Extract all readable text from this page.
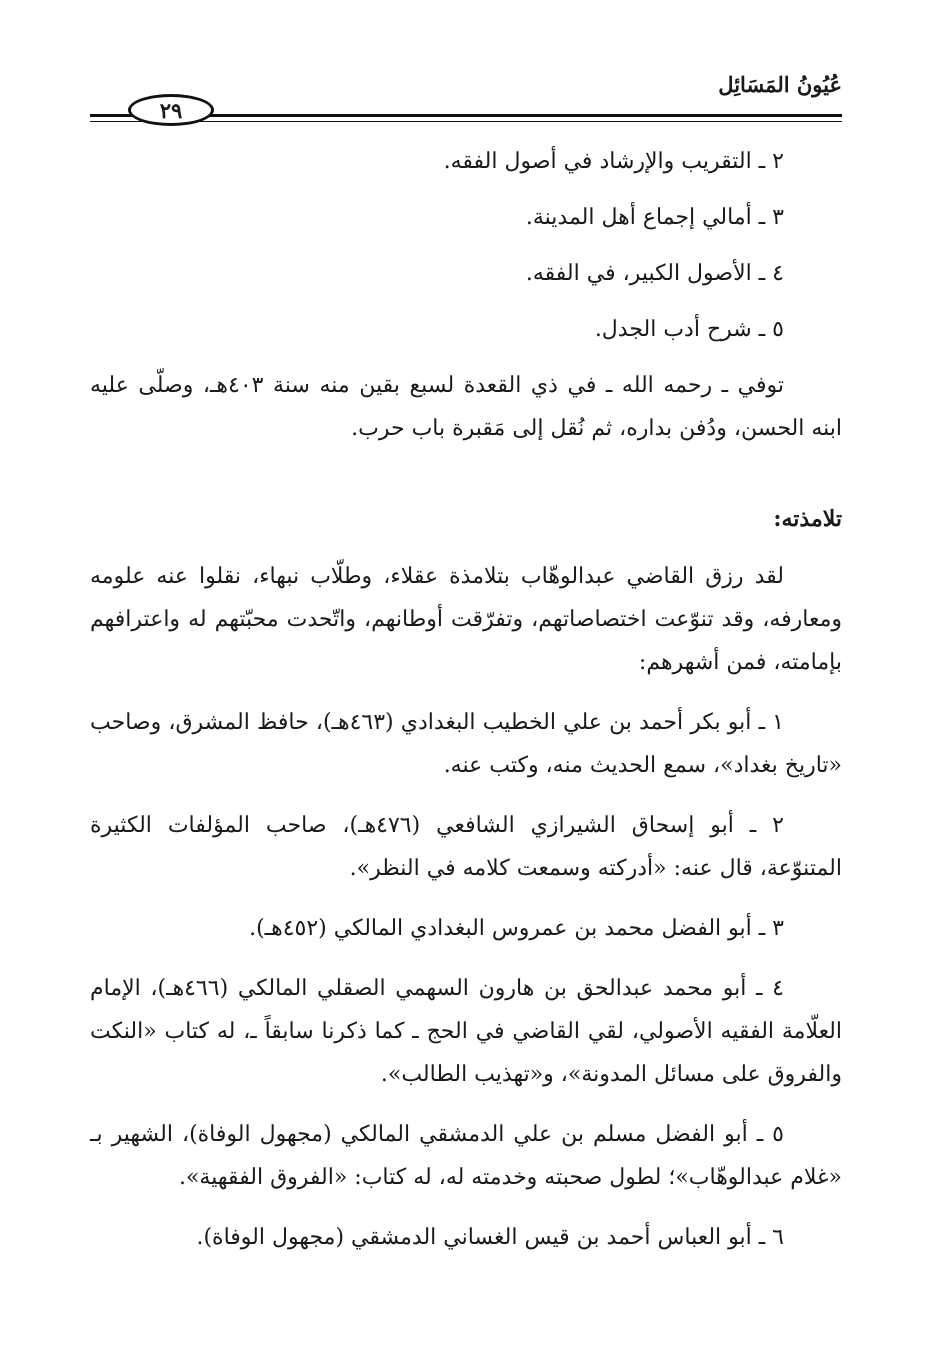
عُيُونُ المَسَائِل
٢٩

٢ ـ التقريب والإرشاد في أصول الفقه.

٣ ـ أمالي إجماع أهل المدينة.

٤ ـ الأصول الكبير، في الفقه.

٥ ـ شرح أدب الجدل.

توفي ـ رحمه الله ـ في ذي القعدة لسبع بقين منه سنة ٤٠٣هـ، وصلّى عليه ابنه الحسن، ودُفن بداره، ثم نُقل إلى مَقبرة باب حرب.

تلامذته:

لقد رزق القاضي عبدالوهّاب بتلامذة عقلاء، وطلّاب نبهاء، نقلوا عنه علومه ومعارفه، وقد تنوّعت اختصاصاتهم، وتفرّقت أوطانهم، واتّحدت محبّتهم له واعترافهم بإمامته، فمن أشهرهم:

١ ـ أبو بكر أحمد بن علي الخطيب البغدادي (٤٦٣هـ)، حافظ المشرق، وصاحب «تاريخ بغداد»، سمع الحديث منه، وكتب عنه.

٢ ـ أبو إسحاق الشيرازي الشافعي (٤٧٦هـ)، صاحب المؤلفات الكثيرة المتنوّعة، قال عنه: «أدركته وسمعت كلامه في النظر».

٣ ـ أبو الفضل محمد بن عمروس البغدادي المالكي (٤٥٢هـ).

٤ ـ أبو محمد عبدالحق بن هارون السهمي الصقلي المالكي (٤٦٦هـ)، الإمام العلّامة الفقيه الأصولي، لقي القاضي في الحج ـ كما ذكرنا سابقاً ـ، له كتاب «النكت والفروق على مسائل المدونة»، و«تهذيب الطالب».

٥ ـ أبو الفضل مسلم بن علي الدمشقي المالكي (مجهول الوفاة)، الشهير بـ «غلام عبدالوهّاب»؛ لطول صحبته وخدمته له، له كتاب: «الفروق الفقهية».

٦ ـ أبو العباس أحمد بن قيس الغساني الدمشقي (مجهول الوفاة).
